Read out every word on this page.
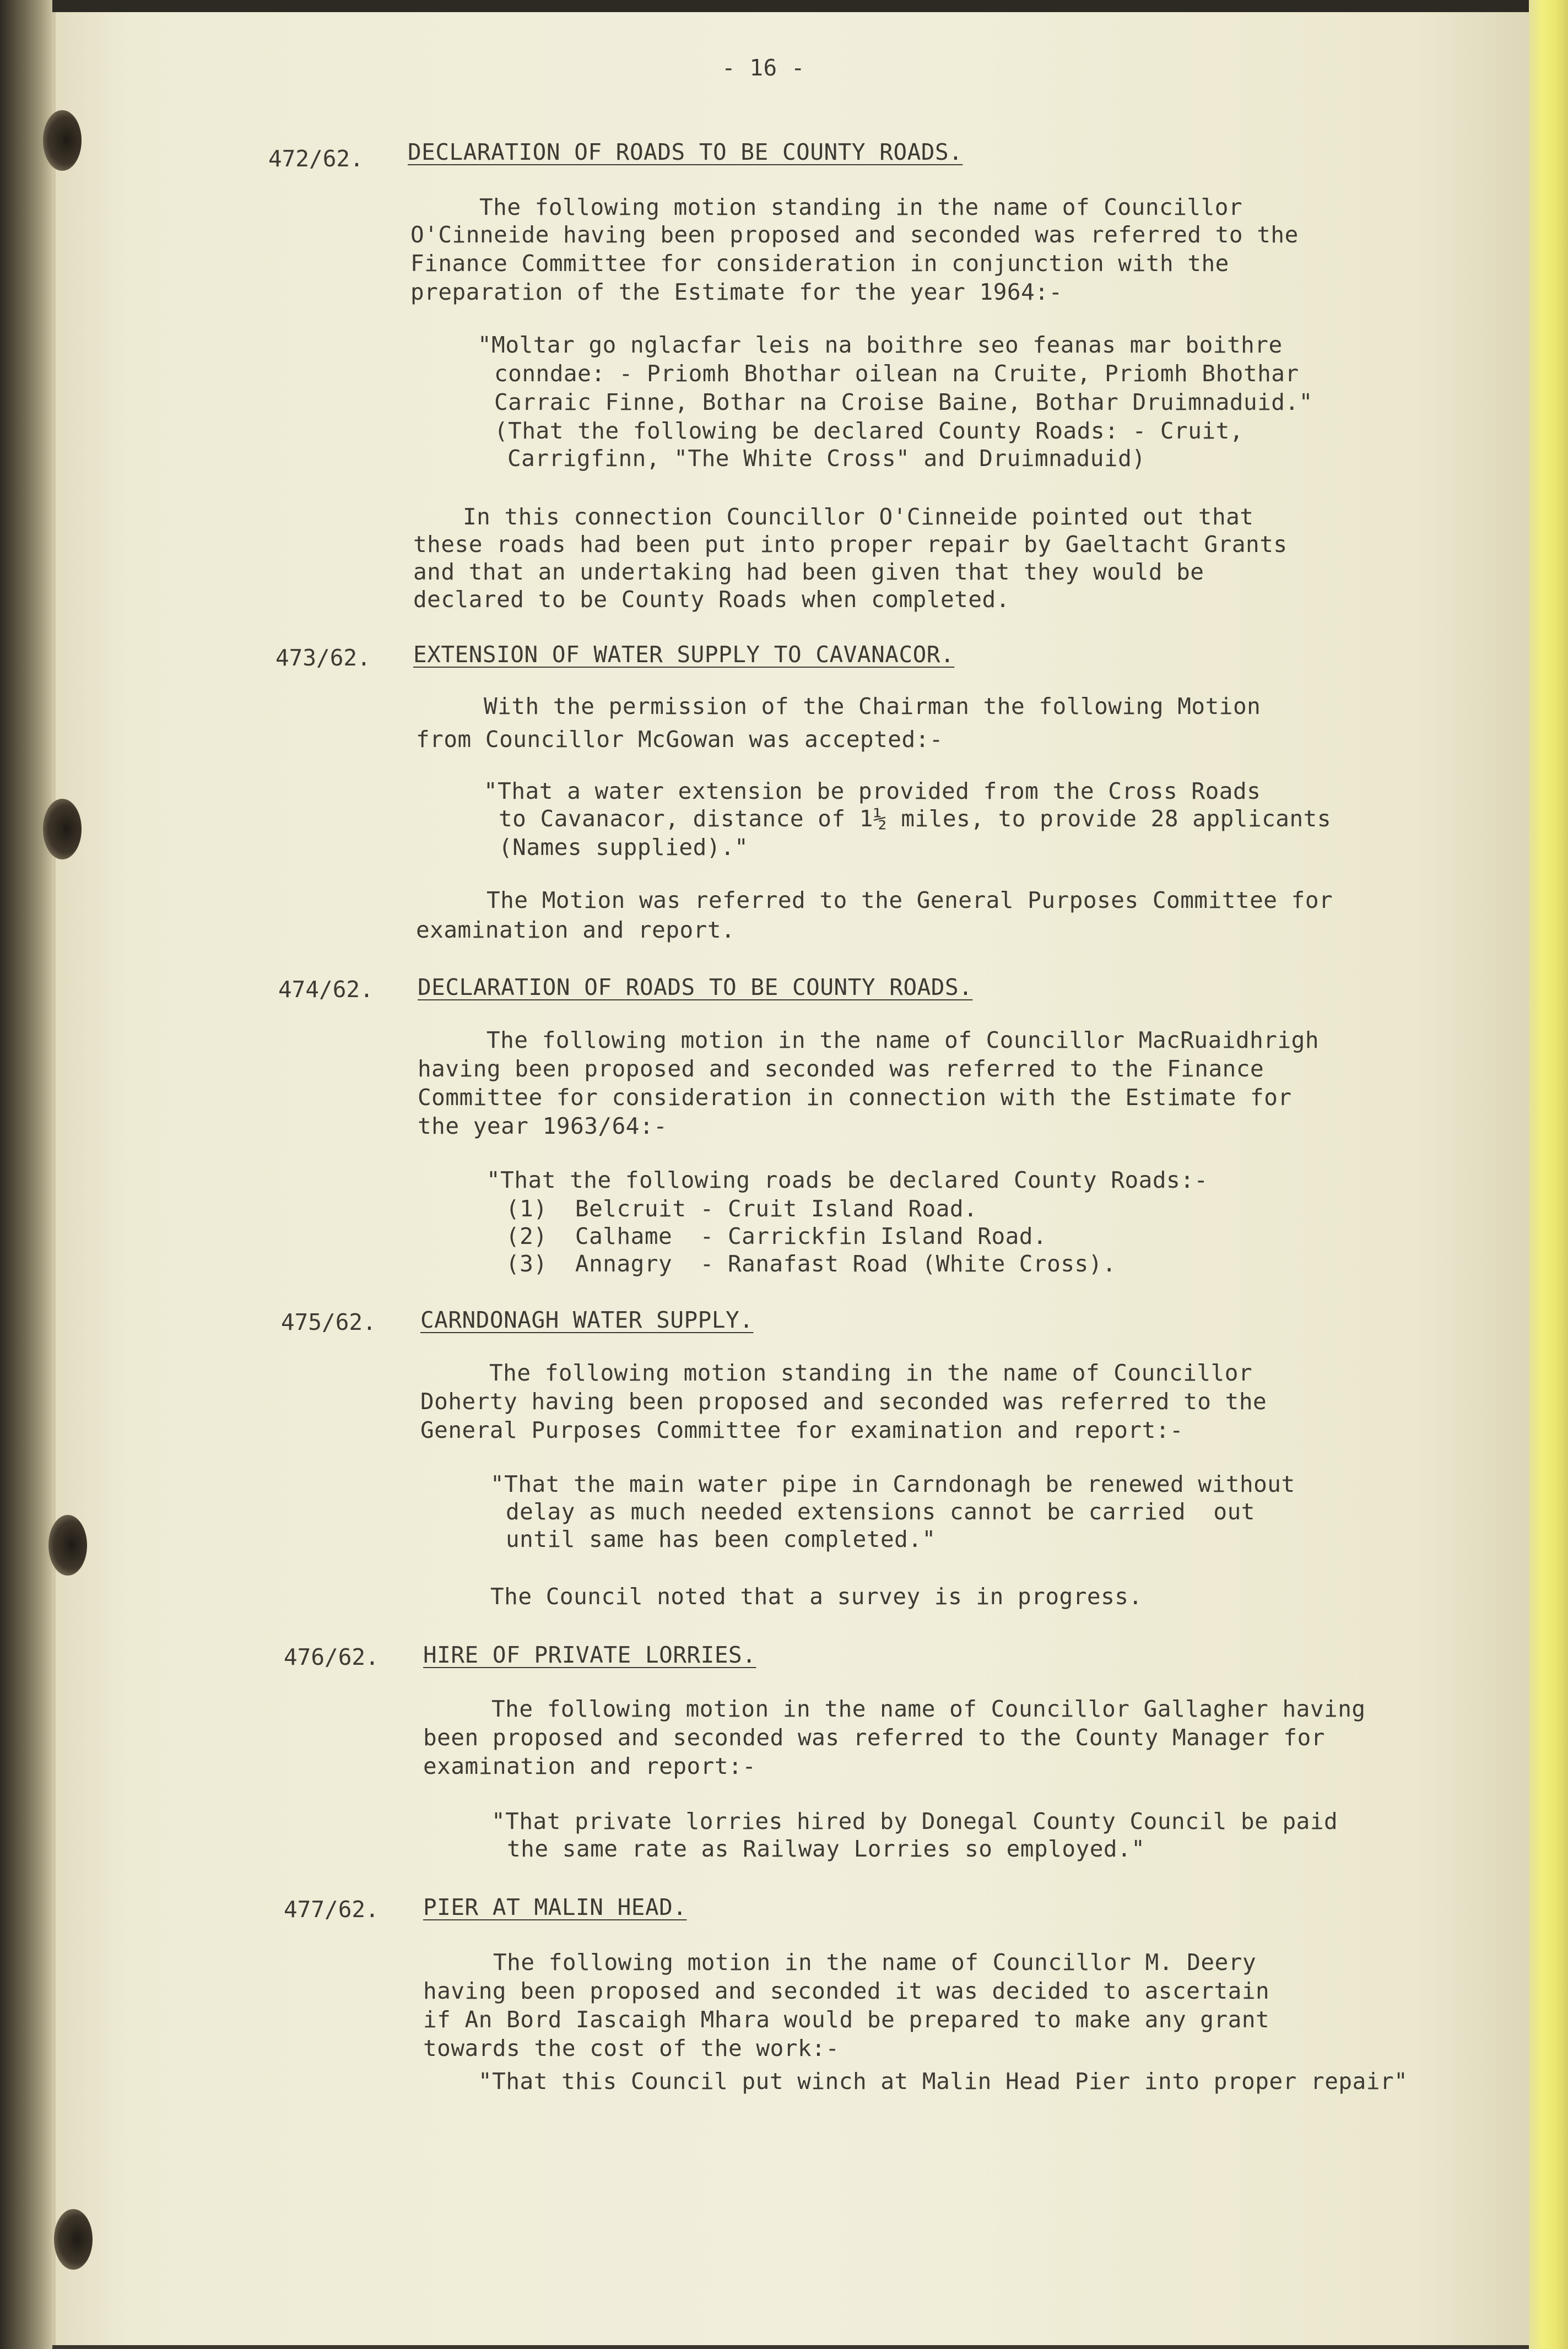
- 16 -
472/62. DECLARATION OF ROADS TO BE COUNTY ROADS.
The following motion standing in the name of Councillor
O'Cinneide having been proposed and seconded was referred to the
Finance Committee for consideration in conjunction with the
preparation of the Estimate for the year 1964:-
"Moltar go nglacfar leis na boithre seo feanas mar boithre
conndae: - Priomh Bhothar oilean na Cruite, Priomh Bhothar
Carraic Finne, Bothar na Croise Baine, Bothar Druimnaduid."
(That the following be declared County Roads: - Cruit,
Carrigfinn, "The White Cross" and Druimnaduid)
In this connection Councillor O'Cinneide pointed out that
these roads had been put into proper repair by Gaeltacht Grants
and that an undertaking had been given that they would be
declared to be County Roads when completed.
473/62. EXTENSION OF WATER SUPPLY TO CAVANACOR.
With the permission of the Chairman the following Motion
from Councillor McGowan was accepted:-
"That a water extension be provided from the Cross Roads
to Cavanacor, distance of 1½ miles, to provide 28 applicants
(Names supplied)."
The Motion was referred to the General Purposes Committee for
examination and report.
474/62. DECLARATION OF ROADS TO BE COUNTY ROADS.
The following motion in the name of Councillor MacRuaidhrigh
having been proposed and seconded was referred to the Finance
Committee for consideration in connection with the Estimate for
the year 1963/64:-
"That the following roads be declared County Roads:-
(1)  Belcruit - Cruit Island Road.
(2)  Calhame  - Carrickfin Island Road.
(3)  Annagry  - Ranafast Road (White Cross).
475/62. CARNDONAGH WATER SUPPLY.
The following motion standing in the name of Councillor
Doherty having been proposed and seconded was referred to the
General Purposes Committee for examination and report:-
"That the main water pipe in Carndonagh be renewed without
delay as much needed extensions cannot be carried  out
until same has been completed."
The Council noted that a survey is in progress.
476/62. HIRE OF PRIVATE LORRIES.
The following motion in the name of Councillor Gallagher having
been proposed and seconded was referred to the County Manager for
examination and report:-
"That private lorries hired by Donegal County Council be paid
the same rate as Railway Lorries so employed."
477/62. PIER AT MALIN HEAD.
The following motion in the name of Councillor M. Deery
having been proposed and seconded it was decided to ascertain
if An Bord Iascaigh Mhara would be prepared to make any grant
towards the cost of the work:-
"That this Council put winch at Malin Head Pier into proper repair"
